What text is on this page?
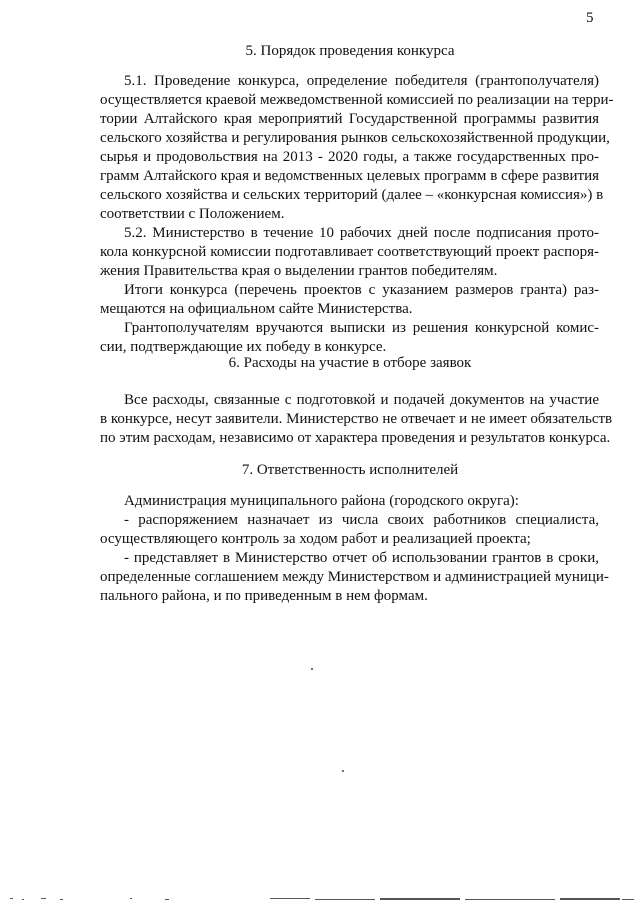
5
5. Порядок проведения конкурса
5.1. Проведение конкурса, определение победителя (грантополучателя)
осуществляется краевой межведомственной комиссией по реализации на терри-
тории Алтайского края мероприятий Государственной программы развития
сельского хозяйства и регулирования рынков сельскохозяйственной продукции,
сырья и продовольствия на 2013 - 2020 годы, а также государственных про-
грамм Алтайского края и ведомственных целевых программ в сфере развития
сельского хозяйства и сельских территорий (далее – «конкурсная комиссия») в
соответствии с Положением.
5.2. Министерство в течение 10 рабочих дней после подписания прото-
кола конкурсной комиссии подготавливает соответствующий проект распоря-
жения Правительства края о выделении грантов победителям.
Итоги конкурса (перечень проектов с указанием размеров гранта) раз-
мещаются на официальном сайте Министерства.
Грантополучателям вручаются выписки из решения конкурсной комис-
сии, подтверждающие их победу в конкурсе.
6. Расходы на участие в отборе заявок
Все расходы, связанные с подготовкой и подачей документов на участие
в конкурсе, несут заявители. Министерство не отвечает и не имеет обязательств
по этим расходам, независимо от характера проведения и результатов конкурса.
7. Ответственность исполнителей
Администрация муниципального района (городского округа):
- распоряжением назначает из числа своих работников специалиста,
осуществляющего контроль за ходом работ и реализацией проекта;
- представляет в Министерство отчет об использовании грантов в сроки,
определенные соглашением между Министерством и администрацией муници-
пального района, и по приведенным в нем формам.
